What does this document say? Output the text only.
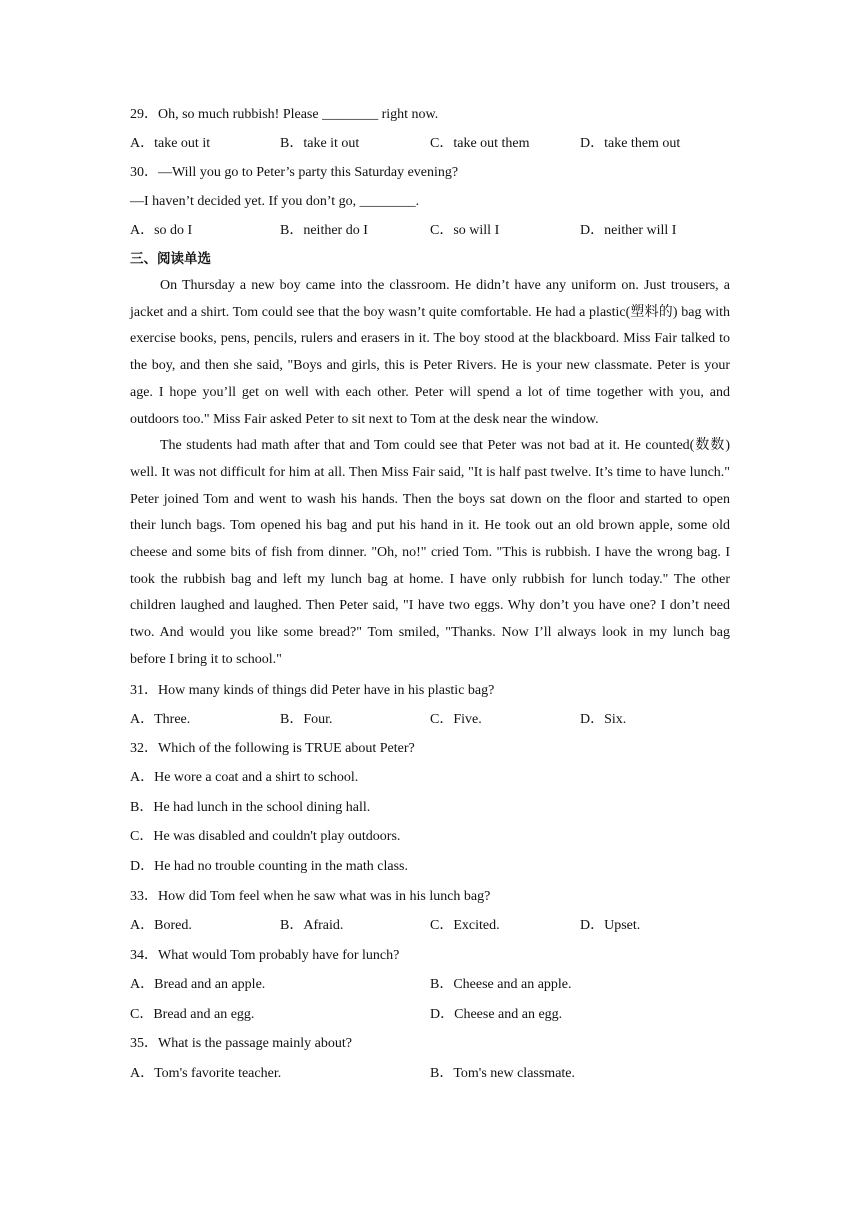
29．Oh, so much rubbish! Please ________ right now.
A．take out it	B．take it out	C．take out them	D．take them out
30．—Will you go to Peter’s party this Saturday evening?
—I haven’t decided yet. If you don’t go, ________.
A．so do I	B．neither do I	C．so will I	D．neither will I
三、阅读单选

On Thursday a new boy came into the classroom. He didn’t have any uniform on. Just trousers, a jacket and a shirt. Tom could see that the boy wasn’t quite comfortable. He had a plastic(塑料的) bag with exercise books, pens, pencils, rulers and erasers in it. The boy stood at the blackboard. Miss Fair talked to the boy, and then she said, "Boys and girls, this is Peter Rivers. He is your new classmate. Peter is your age. I hope you’ll get on well with each other. Peter will spend a lot of time together with you, and outdoors too." Miss Fair asked Peter to sit next to Tom at the desk near the window.

The students had math after that and Tom could see that Peter was not bad at it. He counted(数数) well. It was not difficult for him at all. Then Miss Fair said, "It is half past twelve. It’s time to have lunch." Peter joined Tom and went to wash his hands. Then the boys sat down on the floor and started to open their lunch bags. Tom opened his bag and put his hand in it. He took out an old brown apple, some old cheese and some bits of fish from dinner. "Oh, no!" cried Tom. "This is rubbish. I have the wrong bag. I took the rubbish bag and left my lunch bag at home. I have only rubbish for lunch today." The other children laughed and laughed. Then Peter said, "I have two eggs. Why don’t you have one? I don’t need two. And would you like some bread?" Tom smiled, "Thanks. Now I’ll always look in my lunch bag before I bring it to school."

31．How many kinds of things did Peter have in his plastic bag?
A．Three.	B．Four.	C．Five.	D．Six.
32．Which of the following is TRUE about Peter?
A．He wore a coat and a shirt to school.
B．He had lunch in the school dining hall.
C．He was disabled and couldn't play outdoors.
D．He had no trouble counting in the math class.
33．How did Tom feel when he saw what was in his lunch bag?
A．Bored.	B．Afraid.	C．Excited.	D．Upset.
34．What would Tom probably have for lunch?
A．Bread and an apple.	B．Cheese and an apple.
C．Bread and an egg.	D．Cheese and an egg.
35．What is the passage mainly about?
A．Tom's favorite teacher.	B．Tom's new classmate.
